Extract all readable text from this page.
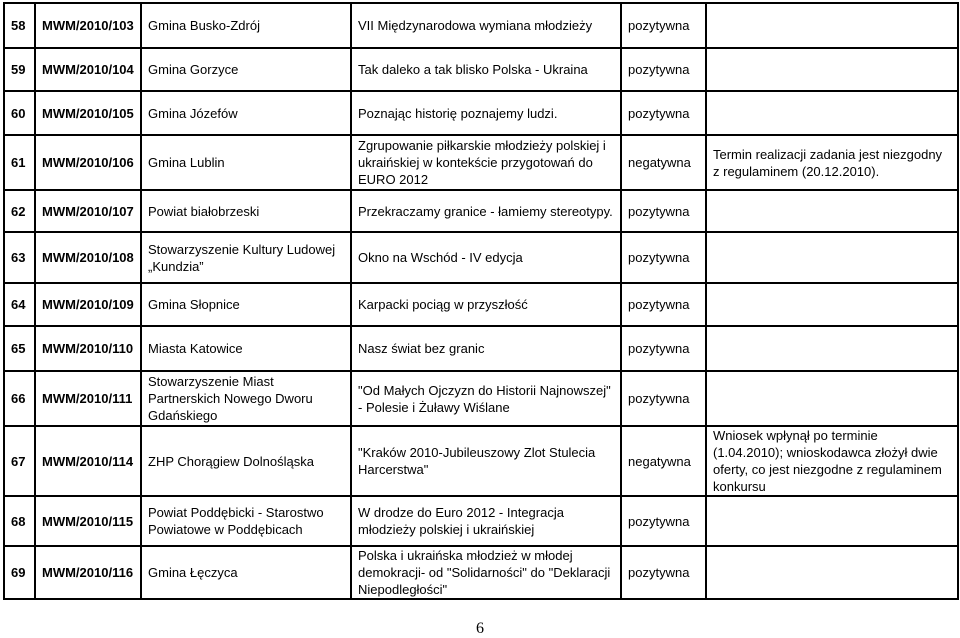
58	MWM/2010/103	Gmina Busko-Zdrój	VII Międzynarodowa wymiana młodzieży	pozytywna	
59	MWM/2010/104	Gmina Gorzyce	Tak daleko a tak blisko Polska - Ukraina	pozytywna	
60	MWM/2010/105	Gmina Józefów	Poznając historię poznajemy ludzi.	pozytywna	
61	MWM/2010/106	Gmina Lublin	Zgrupowanie piłkarskie młodzieży polskiej i ukraińskiej w kontekście przygotowań do EURO 2012	negatywna	Termin realizacji zadania jest niezgodny z regulaminem (20.12.2010).
62	MWM/2010/107	Powiat białobrzeski	Przekraczamy granice - łamiemy stereotypy.	pozytywna	
63	MWM/2010/108	Stowarzyszenie Kultury Ludowej „Kundzia”	Okno na Wschód - IV edycja	pozytywna	
64	MWM/2010/109	Gmina Słopnice	Karpacki pociąg w przyszłość	pozytywna	
65	MWM/2010/110	Miasta Katowice	Nasz świat bez granic	pozytywna	
66	MWM/2010/111	Stowarzyszenie Miast Partnerskich Nowego Dworu Gdańskiego	"Od Małych Ojczyzn do Historii Najnowszej" - Polesie i Żuławy Wiślane	pozytywna	
67	MWM/2010/114	ZHP Chorągiew Dolnośląska	"Kraków 2010-Jubileuszowy Zlot Stulecia Harcerstwa"	negatywna	Wniosek wpłynął po terminie (1.04.2010); wnioskodawca złożył dwie oferty, co jest niezgodne z regulaminem konkursu
68	MWM/2010/115	Powiat Poddębicki - Starostwo Powiatowe w Poddębicach	W drodze do Euro 2012 - Integracja młodzieży polskiej i ukraińskiej	pozytywna	
69	MWM/2010/116	Gmina Łęczyca	Polska i ukraińska młodzież w młodej demokracji- od "Solidarności" do "Deklaracji Niepodległości"	pozytywna	
6
